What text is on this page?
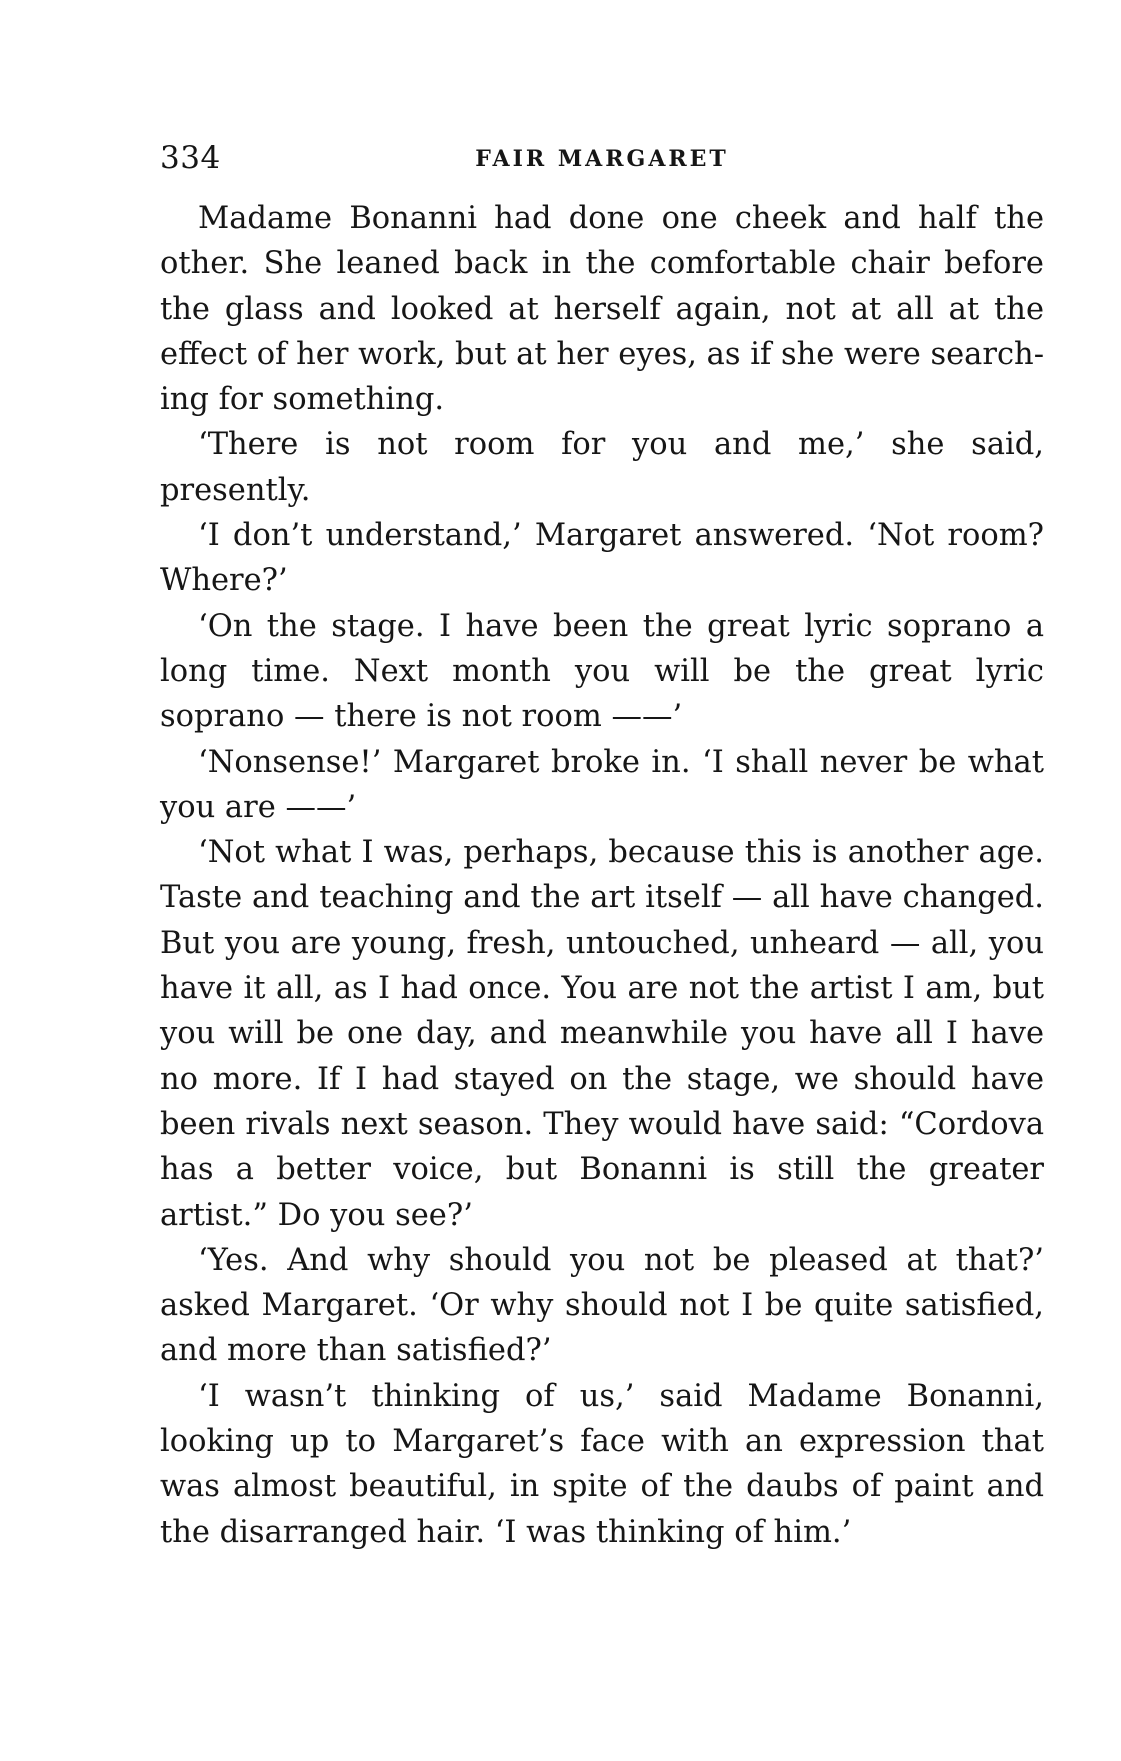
334	FAIR MARGARET

Madame Bonanni had done one cheek and half the other. She leaned back in the comfortable chair before the glass and looked at herself again, not at all at the effect of her work, but at her eyes, as if she were searching for something.

‘There is not room for you and me,’ she said, presently.

‘I don’t understand,’ Margaret answered. ‘Not room? Where?’

‘On the stage. I have been the great lyric soprano a long time. Next month you will be the great lyric soprano — there is not room ——’

‘Nonsense!’ Margaret broke in. ‘I shall never be what you are ——’

‘Not what I was, perhaps, because this is another age. Taste and teaching and the art itself — all have changed. But you are young, fresh, untouched, unheard — all, you have it all, as I had once. You are not the artist I am, but you will be one day, and meanwhile you have all I have no more. If I had stayed on the stage, we should have been rivals next season. They would have said: “Cordova has a better voice, but Bonanni is still the greater artist.” Do you see?’

‘Yes. And why should you not be pleased at that?’ asked Margaret. ‘Or why should not I be quite satisfied, and more than satisfied?’

‘I wasn’t thinking of us,’ said Madame Bonanni, looking up to Margaret’s face with an expression that was almost beautiful, in spite of the daubs of paint and the disarranged hair. ‘I was thinking of him.’
